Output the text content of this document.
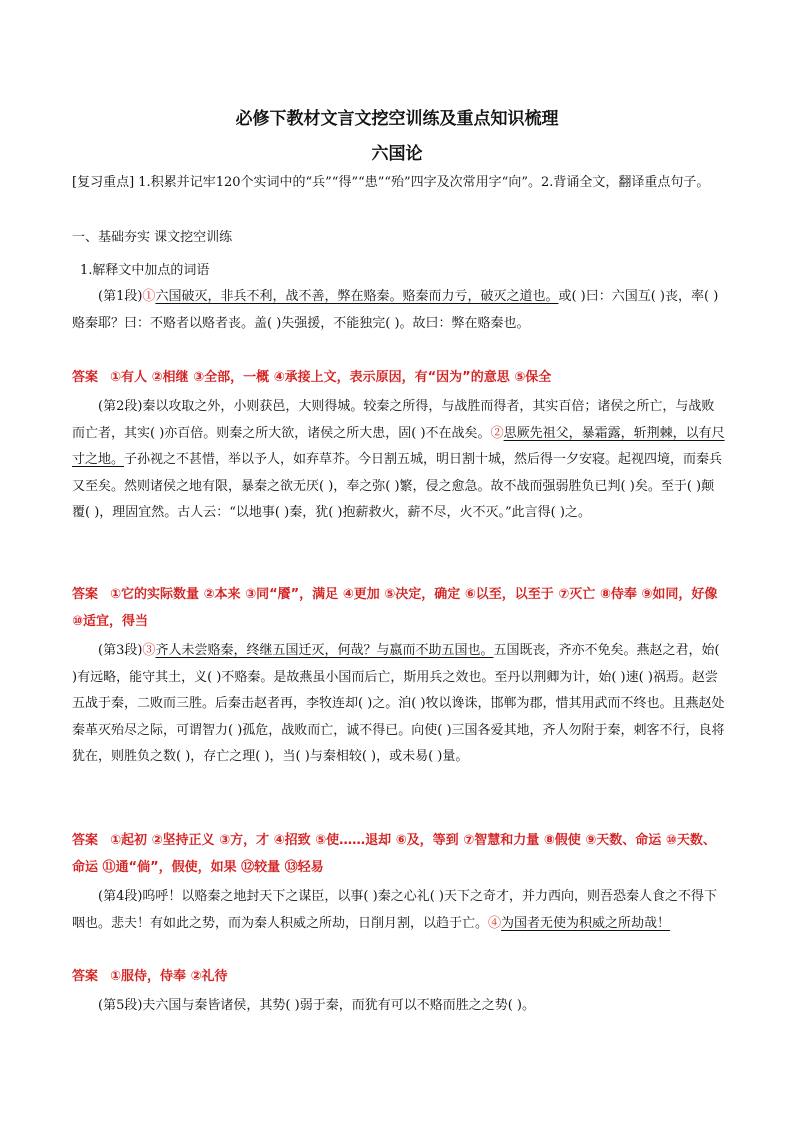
必修下教材文言文挖空训练及重点知识梳理
六国论
[复习重点] 1.积累并记牢120个实词中的“兵”“得”“患”“殆”四字及次常用字“向”。2.背诵全文，翻译重点句子。
一、基础夯实 课文挖空训练
1.解释文中加点的词语
(第1段)①六国破灭，非兵不利，战不善，弊在赂秦。赂秦而力亏，破灭之道也。或( )曰：六国互( )丧，率( )赂秦耶？曰：不赂者以赂者丧。盖( )失强援，不能独完( )。故曰：弊在赂秦也。
答案 ①有人 ②相继 ③全部，一概 ④承接上文，表示原因，有“因为”的意思 ⑤保全
(第2段)秦以攻取之外，小则获邑，大则得城。较秦之所得，与战胜而得者，其实百倍；诸侯之所亡，与战败而亡者，其实( )亦百倍。则秦之所大欲，诸侯之所大患，固( )不在战矣。②思厥先祖父，暴霜露，斩荆棘，以有尺寸之地。子孙视之不甚惜，举以予人，如弃草芥。今日割五城，明日割十城，然后得一夕安寝。起视四境，而秦兵又至矣。然则诸侯之地有限，暴秦之欲无厌( )，奉之弥( )繁，侵之愈急。故不战而强弱胜负已判( )矣。至于( )颠覆( )，理固宜然。古人云：“以地事( )秦，犹( )抱薪救火，薪不尽，火不灭。”此言得( )之。
答案 ①它的实际数量 ②本来 ③同“餍”，满足 ④更加 ⑤决定，确定 ⑥以至，以至于 ⑦灭亡 ⑧侍奉 ⑨如同，好像 ⑩适宜，得当
(第3段)③齐人未尝赂秦，终继五国迁灭，何哉？与嬴而不助五国也。五国既丧，齐亦不免矣。燕赵之君，始( )有远略，能守其土，义( )不赂秦。是故燕虽小国而后亡，斯用兵之效也。至丹以荆卿为计，始( )速( )祸焉。赵尝五战于秦，二败而三胜。后秦击赵者再，李牧连却( )之。洎( )牧以谗诛，邯郸为郡，惜其用武而不终也。且燕赵处秦革灭殆尽之际，可谓智力( )孤危，战败而亡，诚不得已。向使( )三国各爱其地，齐人勿附于秦，刺客不行，良将犹在，则胜负之数( )，存亡之理( )，当( )与秦相较( )，或未易( )量。
答案 ①起初 ②坚持正义 ③方，才 ④招致 ⑤使……退却 ⑥及，等到 ⑦智慧和力量 ⑧假使 ⑨天数、命运 ⑩天数、命运 ⑪通“倘”，假使，如果 ⑫较量 ⑬轻易
(第4段)呜呼！以赂秦之地封天下之谋臣，以事( )秦之心礼( )天下之奇才，并力西向，则吾恐秦人食之不得下咽也。悲夫！有如此之势，而为秦人积威之所劫，日削月割，以趋于亡。④为国者无使为积威之所劫哉！
答案 ①服侍，侍奉 ②礼待
(第5段)夫六国与秦皆诸侯，其势( )弱于秦，而犹有可以不赂而胜之之势( )。
